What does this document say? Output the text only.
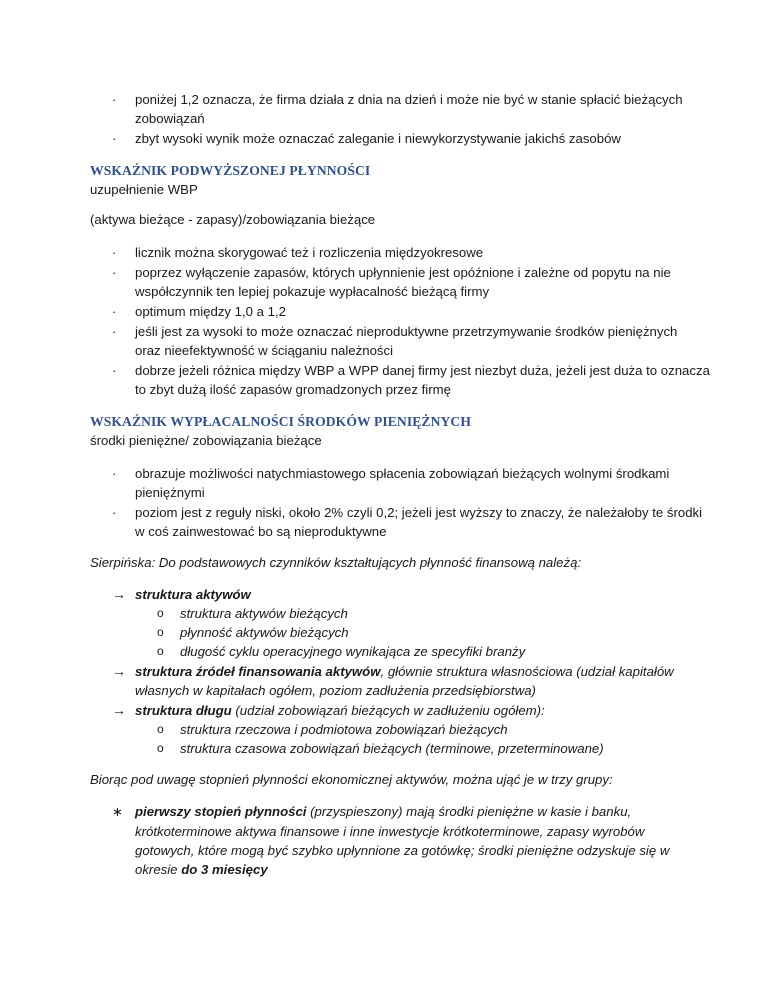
·	poniżej 1,2 oznacza, że firma działa z dnia na dzień i może nie być w stanie spłacić bieżących
zobowiązań
·	zbyt wysoki wynik może oznaczać zaleganie i niewykorzystywanie jakichś zasobów
WSKAŹNIK PODWYŻSZONEJ PŁYNNOŚCI
uzupełnienie WBP
(aktywa bieżące - zapasy)/zobowiązania bieżące
·	licznik można skorygować też i rozliczenia międzyokresowe
·	poprzez wyłączenie zapasów, których upłynnienie jest opóźnione i zależne od popytu na nie
współczynnik ten lepiej pokazuje wypłacalność bieżącą firmy
·	optimum między 1,0 a 1,2
·	jeśli jest za wysoki to może oznaczać nieproduktywne przetrzymywanie środków pieniężnych
oraz nieefektywność w ściąganiu należności
·	dobrze jeżeli różnica między WBP a WPP danej firmy jest niezbyt duża, jeżeli jest duża to oznacza
to zbyt dużą ilość zapasów gromadzonych przez firmę
WSKAŹNIK WYPŁACALNOŚCI ŚRODKÓW PIENIĘŻNYCH
środki pieniężne/ zobowiązania bieżące
·	obrazuje możliwości natychmiastowego spłacenia zobowiązań bieżących wolnymi środkami
pieniężnymi
·	poziom jest z reguły niski, około 2% czyli 0,2; jeżeli jest wyższy to znaczy, że należałoby te środki
w coś zainwestować bo są nieproduktywne
Sierpińska: Do podstawowych czynników kształtujących płynność finansową należą:
→ struktura aktywów
o struktura aktywów bieżących
o płynność aktywów bieżących
o długość cyklu operacyjnego wynikająca ze specyfiki branży
→ struktura źródeł finansowania aktywów, głównie struktura własnościowa (udział kapitałów
własnych w kapitałach ogółem, poziom zadłużenia przedsiębiorstwa)
→ struktura długu (udział zobowiązań bieżących w zadłużeniu ogółem):
o struktura rzeczowa i podmiotowa zobowiązań bieżących
o struktura czasowa zobowiązań bieżących (terminowe, przeterminowane)
Biorąc pod uwagę stopnień płynności ekonomicznej aktywów, można ująć je w trzy grupy:
∗ pierwszy stopień płynności (przyspieszony) mają środki pieniężne w kasie i banku,
krótkoterminowe aktywa finansowe i inne inwestycje krótkoterminowe, zapasy wyrobów
gotowych, które mogą być szybko upłynnione za gotówkę; środki pieniężne odzyskuje się w
okresie do 3 miesięcy
